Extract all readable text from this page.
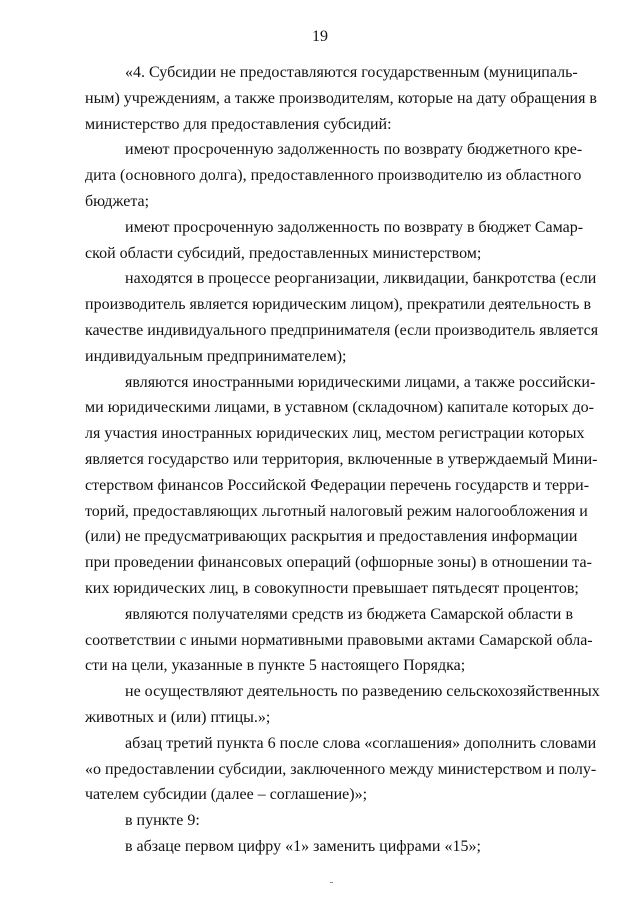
19

«4. Субсидии не предоставляются государственным (муниципаль-
ным) учреждениям, а также производителям, которые на дату обращения в
министерство для предоставления субсидий:

имеют просроченную задолженность по возврату бюджетного кре-
дита (основного долга), предоставленного производителю из областного
бюджета;

имеют просроченную задолженность по возврату в бюджет Самар-
ской области субсидий, предоставленных министерством;

находятся в процессе реорганизации, ликвидации, банкротства (если
производитель является юридическим лицом), прекратили деятельность в
качестве индивидуального предпринимателя (если производитель является
индивидуальным предпринимателем);

являются иностранными юридическими лицами, а также российски-
ми юридическими лицами, в уставном (складочном) капитале которых до-
ля участия иностранных юридических лиц, местом регистрации которых
является государство или территория, включенные в утверждаемый Мини-
стерством финансов Российской Федерации перечень государств и терри-
торий, предоставляющих льготный налоговый режим налогообложения и
(или) не предусматривающих раскрытия и предоставления информации
при проведении финансовых операций (офшорные зоны) в отношении та-
ких юридических лиц, в совокупности превышает пятьдесят процентов;

являются получателями средств из бюджета Самарской области в
соответствии с иными нормативными правовыми актами Самарской обла-
сти на цели, указанные в пункте 5 настоящего Порядка;

не осуществляют деятельность по разведению сельскохозяйственных
животных и (или) птицы.»;

абзац третий пункта 6 после слова «соглашения» дополнить словами
«о предоставлении субсидии, заключенного между министерством и полу-
чателем субсидии (далее – соглашение)»;

в пункте 9:

в абзаце первом цифру «1» заменить цифрами «15»;
